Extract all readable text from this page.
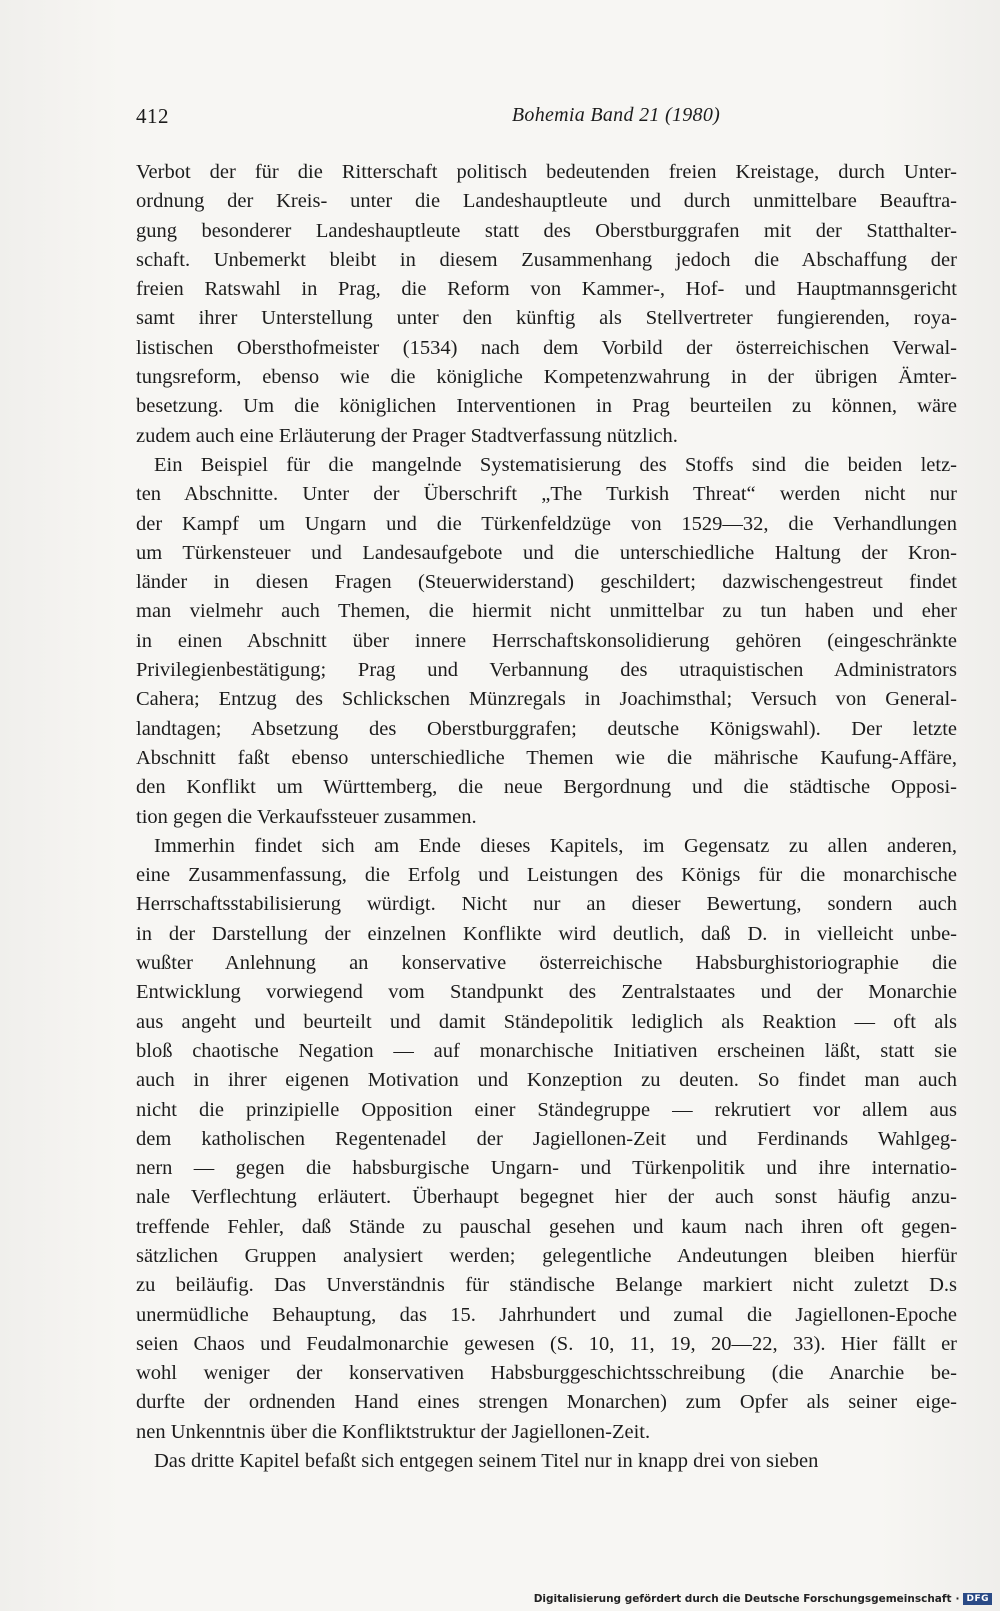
412	Bohemia Band 21 (1980)
Verbot der für die Ritterschaft politisch bedeutenden freien Kreistage, durch Unter-
ordnung der Kreis- unter die Landeshauptleute und durch unmittelbare Beauftra-
gung besonderer Landeshauptleute statt des Oberstburggrafen mit der Statthalter-
schaft. Unbemerkt bleibt in diesem Zusammenhang jedoch die Abschaffung der
freien Ratswahl in Prag, die Reform von Kammer-, Hof- und Hauptmannsgericht
samt ihrer Unterstellung unter den künftig als Stellvertreter fungierenden, roya-
listischen Obersthofmeister (1534) nach dem Vorbild der österreichischen Verwal-
tungsreform, ebenso wie die königliche Kompetenzwahrung in der übrigen Ämter-
besetzung. Um die königlichen Interventionen in Prag beurteilen zu können, wäre
zudem auch eine Erläuterung der Prager Stadtverfassung nützlich.
Ein Beispiel für die mangelnde Systematisierung des Stoffs sind die beiden letz-
ten Abschnitte. Unter der Überschrift „The Turkish Threat“ werden nicht nur
der Kampf um Ungarn und die Türkenfeldzüge von 1529—32, die Verhandlungen
um Türkensteuer und Landesaufgebote und die unterschiedliche Haltung der Kron-
länder in diesen Fragen (Steuerwiderstand) geschildert; dazwischengestreut findet
man vielmehr auch Themen, die hiermit nicht unmittelbar zu tun haben und eher
in einen Abschnitt über innere Herrschaftskonsolidierung gehören (eingeschränkte
Privilegienbestätigung; Prag und Verbannung des utraquistischen Administrators
Cahera; Entzug des Schlickschen Münzregals in Joachimsthal; Versuch von General-
landtagen; Absetzung des Oberstburggrafen; deutsche Königswahl). Der letzte
Abschnitt faßt ebenso unterschiedliche Themen wie die mährische Kaufung-Affäre,
den Konflikt um Württemberg, die neue Bergordnung und die städtische Opposi-
tion gegen die Verkaufssteuer zusammen.
Immerhin findet sich am Ende dieses Kapitels, im Gegensatz zu allen anderen,
eine Zusammenfassung, die Erfolg und Leistungen des Königs für die monarchische
Herrschaftsstabilisierung würdigt. Nicht nur an dieser Bewertung, sondern auch
in der Darstellung der einzelnen Konflikte wird deutlich, daß D. in vielleicht unbe-
wußter Anlehnung an konservative österreichische Habsburghistoriographie die
Entwicklung vorwiegend vom Standpunkt des Zentralstaates und der Monarchie
aus angeht und beurteilt und damit Ständepolitik lediglich als Reaktion — oft als
bloß chaotische Negation — auf monarchische Initiativen erscheinen läßt, statt sie
auch in ihrer eigenen Motivation und Konzeption zu deuten. So findet man auch
nicht die prinzipielle Opposition einer Ständegruppe — rekrutiert vor allem aus
dem katholischen Regentenadel der Jagiellonen-Zeit und Ferdinands Wahlgeg-
nern — gegen die habsburgische Ungarn- und Türkenpolitik und ihre internatio-
nale Verflechtung erläutert. Überhaupt begegnet hier der auch sonst häufig anzu-
treffende Fehler, daß Stände zu pauschal gesehen und kaum nach ihren oft gegen-
sätzlichen Gruppen analysiert werden; gelegentliche Andeutungen bleiben hierfür
zu beiläufig. Das Unverständnis für ständische Belange markiert nicht zuletzt D.s
unermüdliche Behauptung, das 15. Jahrhundert und zumal die Jagiellonen-Epoche
seien Chaos und Feudalmonarchie gewesen (S. 10, 11, 19, 20—22, 33). Hier fällt er
wohl weniger der konservativen Habsburggeschichtsschreibung (die Anarchie be-
durfte der ordnenden Hand eines strengen Monarchen) zum Opfer als seiner eige-
nen Unkenntnis über die Konfliktstruktur der Jagiellonen-Zeit.
Das dritte Kapitel befaßt sich entgegen seinem Titel nur in knapp drei von sieben
Digitalisierung gefördert durch die Deutsche Forschungsgemeinschaft · DFG
